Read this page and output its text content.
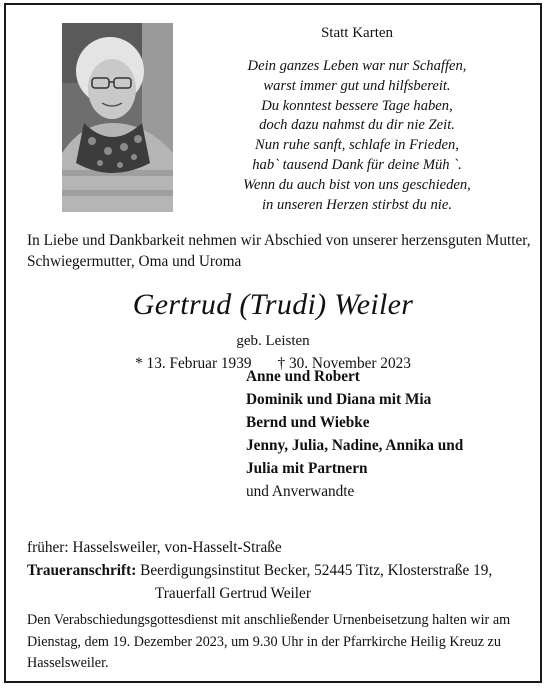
Statt Karten
Dein ganzes Leben war nur Schaffen,
warst immer gut und hilfsbereit.
Du konntest bessere Tage haben,
doch dazu nahmst du dir nie Zeit.
Nun ruhe sanft, schlafe in Frieden,
hab` tausend Dank für deine Müh `.
Wenn du auch bist von uns geschieden,
in unseren Herzen stirbst du nie.
In Liebe und Dankbarkeit nehmen wir Abschied von unserer herzensguten Mutter, Schwiegermutter, Oma und Uroma
Gertrud (Trudi) Weiler
geb. Leisten
* 13. Februar 1939 † 30. November 2023
Anne und Robert
Dominik und Diana mit Mia
Bernd und Wiebke
Jenny, Julia, Nadine, Annika und
Julia mit Partnern
und Anverwandte
früher: Hasselsweiler, von-Hasselt-Straße
Traueranschrift: Beerdigungsinstitut Becker, 52445 Titz, Klosterstraße 19,
Trauerfall Gertrud Weiler
Den Verabschiedungsgottesdienst mit anschließender Urnenbeisetzung halten wir am Dienstag, dem 19. Dezember 2023, um 9.30 Uhr in der Pfarrkirche Heilig Kreuz zu Hasselsweiler.
